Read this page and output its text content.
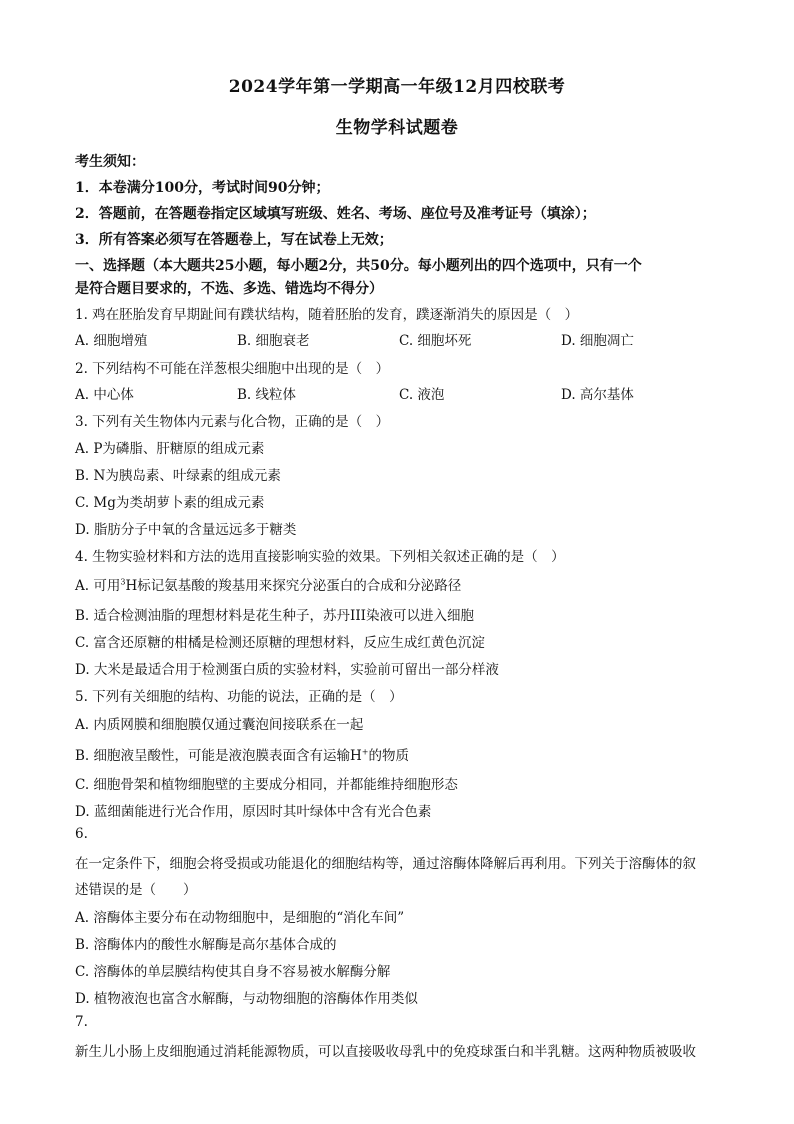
2024学年第一学期高一年级12月四校联考
生物学科试题卷
考生须知：
1．本卷满分100分，考试时间90分钟；
2．答题前，在答题卷指定区域填写班级、姓名、考场、座位号及准考证号（填涂）；
3．所有答案必须写在答题卷上，写在试卷上无效；
一、选择题（本大题共25小题，每小题2分，共50分。每小题列出的四个选项中，只有一个
是符合题目要求的，不选、多选、错选均不得分）
1. 鸡在胚胎发育早期趾间有蹼状结构，随着胚胎的发育，蹼逐渐消失的原因是（　）
A. 细胞增殖	B. 细胞衰老	C. 细胞坏死	D. 细胞凋亡
2. 下列结构不可能在洋葱根尖细胞中出现的是（　）
A. 中心体	B. 线粒体	C. 液泡	D. 高尔基体
3. 下列有关生物体内元素与化合物，正确的是（　）
A. P为磷脂、肝糖原的组成元素
B. N为胰岛素、叶绿素的组成元素
C. Mg为类胡萝卜素的组成元素
D. 脂肪分子中氧的含量远远多于糖类
4. 生物实验材料和方法的选用直接影响实验的效果。下列相关叙述正确的是（　）
A. 可用$^3$H标记氨基酸的羧基用来探究分泌蛋白的合成和分泌路径
B. 适合检测油脂的理想材料是花生种子，苏丹III染液可以进入细胞
C. 富含还原糖的柑橘是检测还原糖的理想材料，反应生成红黄色沉淀
D. 大米是最适合用于检测蛋白质的实验材料，实验前可留出一部分样液
5. 下列有关细胞的结构、功能的说法，正确的是（　）
A. 内质网膜和细胞膜仅通过囊泡间接联系在一起
B. 细胞液呈酸性，可能是液泡膜表面含有运输H+的物质
C. 细胞骨架和植物细胞壁的主要成分相同，并都能维持细胞形态
D. 蓝细菌能进行光合作用，原因时其叶绿体中含有光合色素
6.
在一定条件下，细胞会将受损或功能退化的细胞结构等，通过溶酶体降解后再利用。下列关于溶酶体的叙
述错误的是（　　）
A. 溶酶体主要分布在动物细胞中，是细胞的“消化车间”
B. 溶酶体内的酸性水解酶是高尔基体合成的
C. 溶酶体的单层膜结构使其自身不容易被水解酶分解
D. 植物液泡也富含水解酶，与动物细胞的溶酶体作用类似
7.
新生儿小肠上皮细胞通过消耗能源物质，可以直接吸收母乳中的免疫球蛋白和半乳糖。这两种物质被吸收
